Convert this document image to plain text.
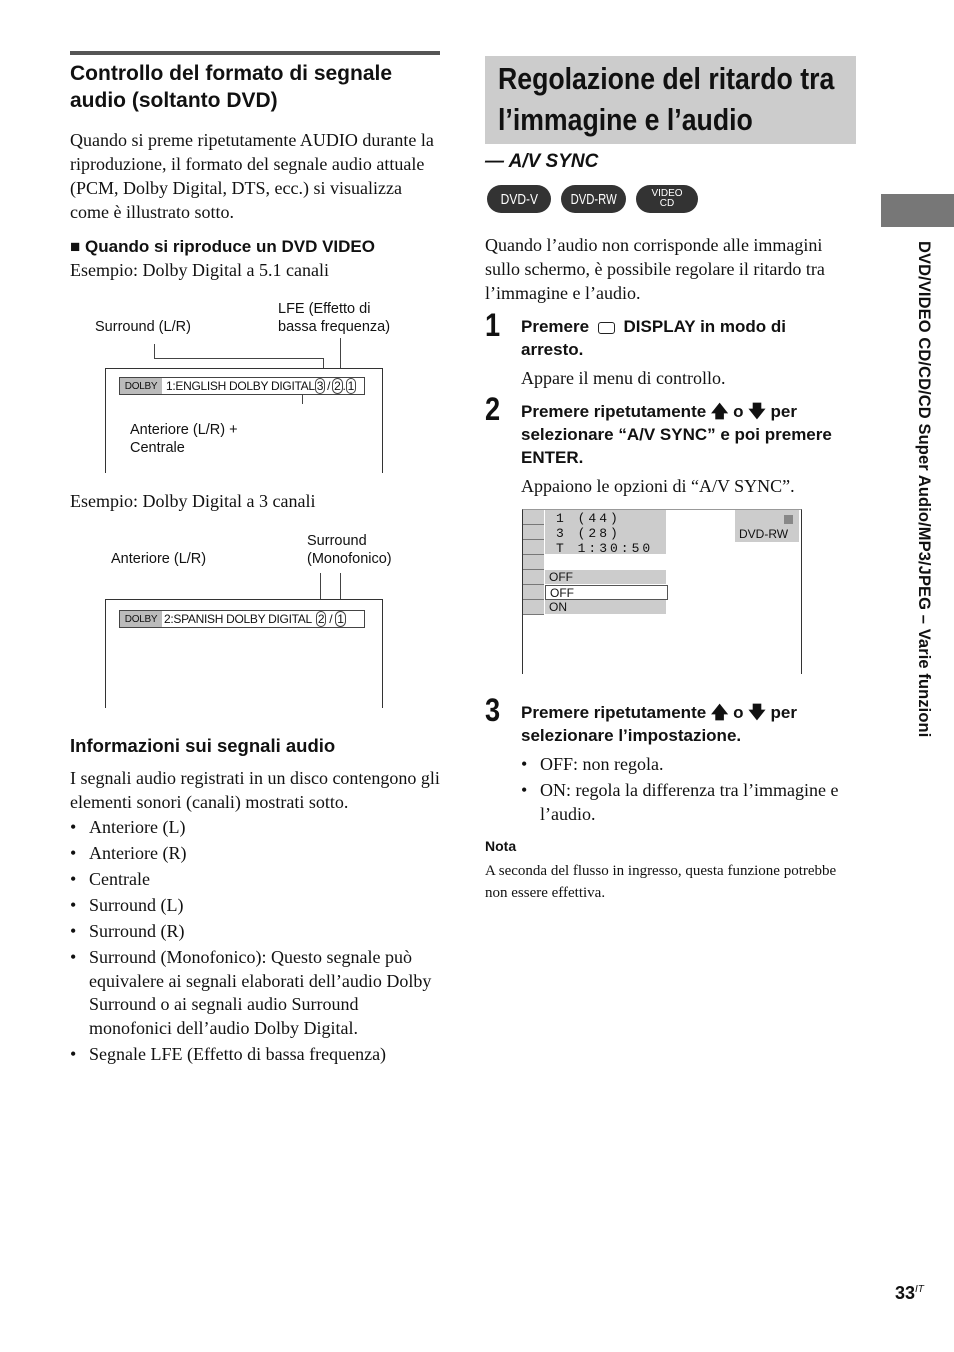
Controllo del formato di segnale audio (soltanto DVD)
Quando si preme ripetutamente AUDIO durante la riproduzione, il formato del segnale audio attuale (PCM, Dolby Digital, DTS, ecc.) si visualizza come è illustrato sotto.
■ Quando si riproduce un DVD VIDEO
Esempio: Dolby Digital a 5.1 canali
Surround (L/R)
LFE (Effetto di
bassa frequenza)
DOLBY 1:ENGLISH DOLBY DIGITAL 3 / 2 . 1
Anteriore (L/R) +
Centrale
Esempio: Dolby Digital a 3 canali
Anteriore (L/R)
Surround
(Monofonico)
DOLBY 2:SPANISH DOLBY DIGITAL 2 / 1
Informazioni sui segnali audio
I segnali audio registrati in un disco contengono gli elementi sonori (canali) mostrati sotto.
• Anteriore (L)
• Anteriore (R)
• Centrale
• Surround (L)
• Surround (R)
• Surround (Monofonico): Questo segnale può equivalere ai segnali elaborati dell’audio Dolby Surround o ai segnali audio Surround monofonici dell’audio Dolby Digital.
• Segnale LFE (Effetto di bassa frequenza)
Regolazione del ritardo tra
l’immagine e l’audio
— A/V SYNC
DVD-V DVD-RW	VIDEO
CD
Quando l’audio non corrisponde alle immagini sullo schermo, è possibile regolare il ritardo tra l’immagine e l’audio.
1 Premere DISPLAY in modo di arresto.
Appare il menu di controllo.
2 Premere ripetutamente 🡅 o 🡇 per selezionare “A/V SYNC” e poi premere ENTER.
Appaiono le opzioni di “A/V SYNC”.
1 (44)
3 (28)
T 1:30:50
DVD-RW
OFF
OFF
ON
3 Premere ripetutamente 🡅 o 🡇 per selezionare l’impostazione.
• OFF: non regola.
• ON: regola la differenza tra l’immagine e l’audio.
Nota
A seconda del flusso in ingresso, questa funzione potrebbe non essere effettiva.
DVD/VIDEO CD/CD/CD Super Audio/MP3/JPEG – Varie funzioni
$33^{IT}$
